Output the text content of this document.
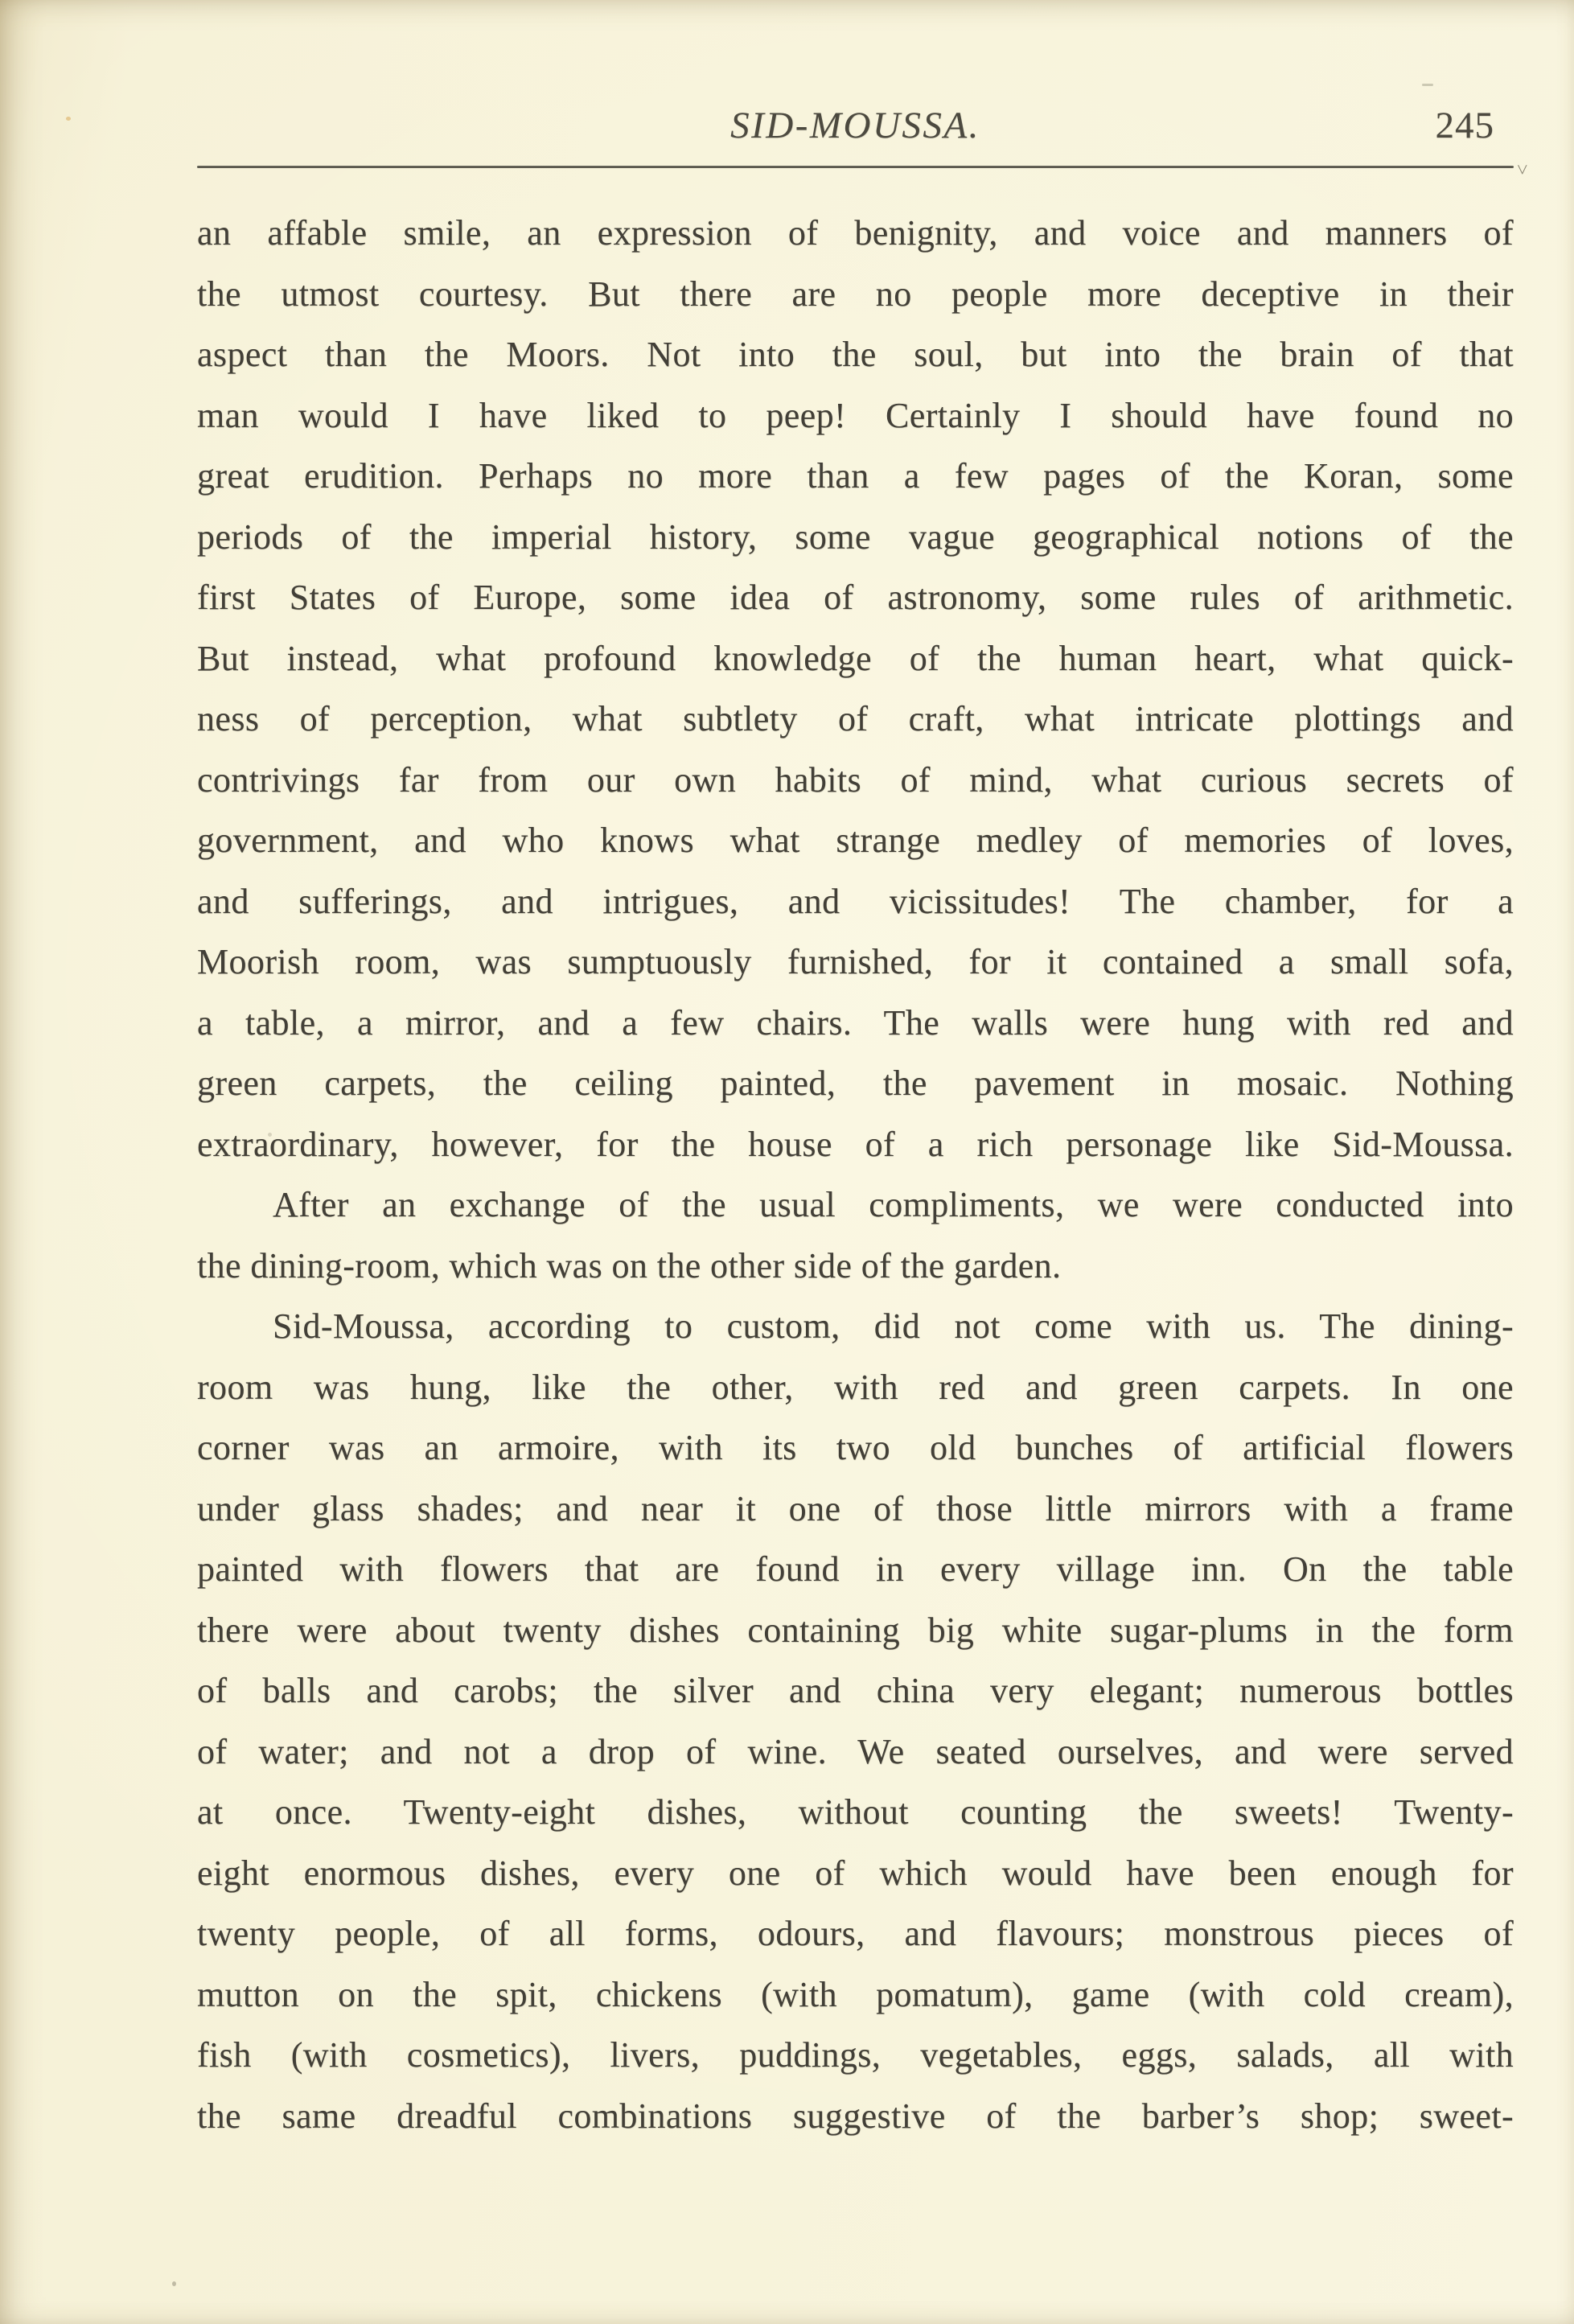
SID-MOUSSA.	245
˅
an affable smile, an expression of benignity, and voice and manners of
the utmost courtesy. But there are no people more deceptive in their
aspect than the Moors. Not into the soul, but into the brain of that
man would I have liked to peep! Certainly I should have found no
great erudition. Perhaps no more than a few pages of the Koran, some
periods of the imperial history, some vague geographical notions of the
first States of Europe, some idea of astronomy, some rules of arithmetic.
But instead, what profound knowledge of the human heart, what quick-
ness of perception, what subtlety of craft, what intricate plottings and
contrivings far from our own habits of mind, what curious secrets of
government, and who knows what strange medley of memories of loves,
and sufferings, and intrigues, and vicissitudes! The chamber, for a
Moorish room, was sumptuously furnished, for it contained a small sofa,
a table, a mirror, and a few chairs. The walls were hung with red and
green carpets, the ceiling painted, the pavement in mosaic. Nothing
extraordinary, however, for the house of a rich personage like Sid-Moussa.
After an exchange of the usual compliments, we were conducted into
the dining-room, which was on the other side of the garden.
Sid-Moussa, according to custom, did not come with us. The dining-
room was hung, like the other, with red and green carpets. In one
corner was an armoire, with its two old bunches of artificial flowers
under glass shades; and near it one of those little mirrors with a frame
painted with flowers that are found in every village inn. On the table
there were about twenty dishes containing big white sugar-plums in the form
of balls and carobs; the silver and china very elegant; numerous bottles
of water; and not a drop of wine. We seated ourselves, and were served
at once. Twenty-eight dishes, without counting the sweets! Twenty-
eight enormous dishes, every one of which would have been enough for
twenty people, of all forms, odours, and flavours; monstrous pieces of
mutton on the spit, chickens (with pomatum), game (with cold cream),
fish (with cosmetics), livers, puddings, vegetables, eggs, salads, all with
the same dreadful combinations suggestive of the barber’s shop; sweet-
